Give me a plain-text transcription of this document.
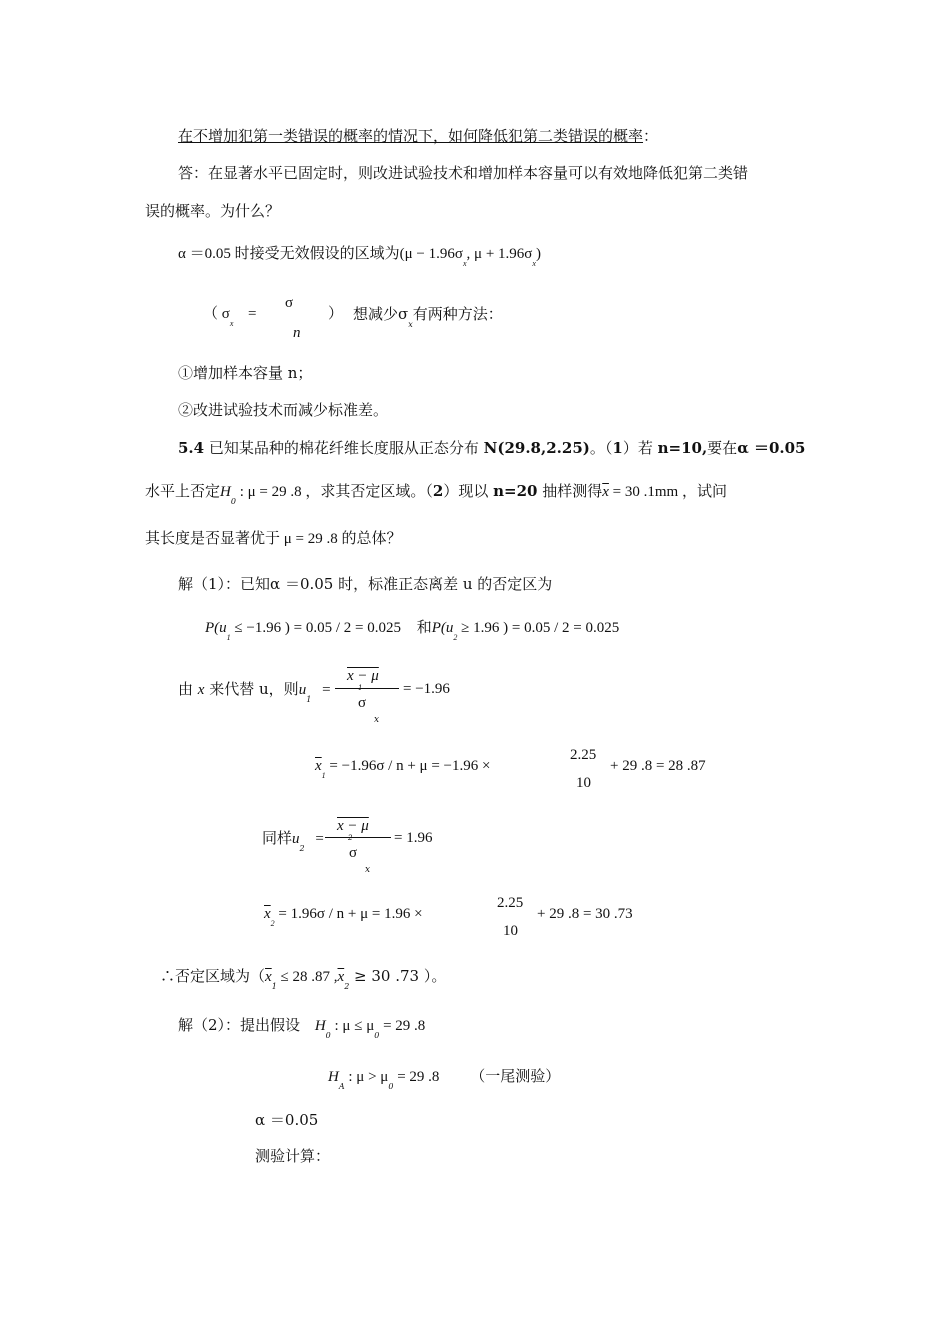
在不增加犯第一类错误的概率的情况下，如何降低犯第二类错误的概率：
答：在显著水平已固定时，则改进试验技术和增加样本容量可以有效地降低犯第二类错
误的概率。为什么？
α ＝0.05 时接受无效假设的区域为($\mu - 1.96\sigma_x$, $\mu + 1.96\sigma_x$)
（ $\sigma_x$
=
σ
n
） 想减少$\sigma_x$有两种方法：
①增加样本容量 n；
②改进试验技术而减少标准差。
5.4 已知某品种的棉花纤维长度服从正态分布 N(29.8,2.25)。（1）若 n=10,要在α ＝0.05
水平上否定$H_0$ : μ = 29 .8 ，求其否定区域。（2）现以 n=20 抽样测得$\overline{x} = 30$ .1mm ，试问
其长度是否显著优于 μ = 29 .8 的总体？
解（1）：已知α ＝0.05 时，标准正态离差 u 的否定区为
$P(u_1 \le -1.96$ ) = 0.05 / 2 = 0.025 和$P(u_2 \ge 1.96$ ) = 0.05 / 2 = 0.025
由 x 来代替 u，则$u_1$ =
x − μ
1
σ
x
= −1.96
$\overline{x}_1 = -1.96\sigma / n + \mu = -1.96$ ×
2.25
10
+ 29 .8 = 28 .87
同样$u_2$ =
x − μ
2
σ
x
= 1.96
$\overline{x}_2 = 1.96\sigma / n + \mu = 1.96$ ×
2.25
10
+ 29 .8 = 30 .73
∴否定区域为（$\overline{x}_1 \le 28$ .87 $,\overline{x}_2 \ge 30$ .73 ）。
解（2）：提出假设 $H_0$ : $\mu \le \mu_0 = 29$ .8
$H_A$ : $\mu > \mu_0 = 29$ .8 （一尾测验）
α ＝0.05
测验计算：
